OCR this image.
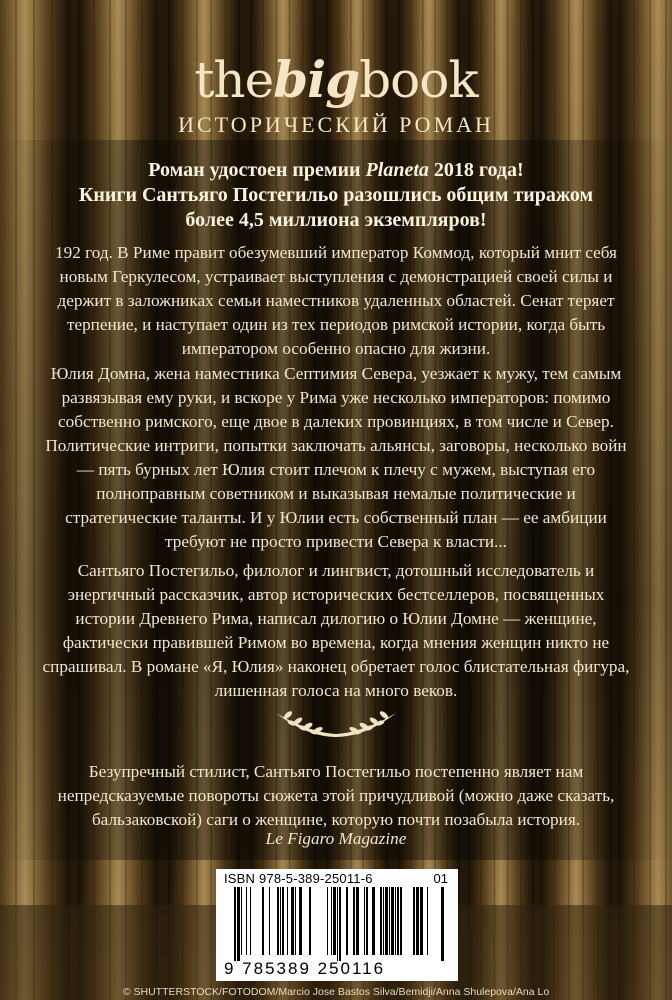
thebigbook
ИСТОРИЧЕСКИЙ РОМАН
Роман удостоен премии Planeta 2018 года!
Книги Сантьяго Постегильо разошлись общим тиражом
более 4,5 миллиона экземпляров!

192 год. В Риме правит обезумевший император Коммод, который мнит себя новым Геркулесом, устраивает выступления с демонстрацией своей силы и держит в заложниках семьи наместников удаленных областей. Сенат теряет терпение, и наступает один из тех периодов римской истории, когда быть императором особенно опасно для жизни.

Юлия Домна, жена наместника Септимия Севера, уезжает к мужу, тем самым развязывая ему руки, и вскоре у Рима уже несколько императоров: помимо собственно римского, еще двое в далеких провинциях, в том числе и Север. Политические интриги, попытки заключать альянсы, заговоры, несколько войн — пять бурных лет Юлия стоит плечом к плечу с мужем, выступая его полноправным советником и выказывая немалые политические и стратегические таланты. И у Юлии есть собственный план — ее амбиции требуют не просто привести Севера к власти...

Сантьяго Постегильо, филолог и лингвист, дотошный исследователь и энергичный рассказчик, автор исторических бестселлеров, посвященных истории Древнего Рима, написал дилогию о Юлии Домне — женщине, фактически правившей Римом во времена, когда мнения женщин никто не спрашивал. В романе «Я, Юлия» наконец обретает голос блистательная фигура, лишенная голоса на много веков.

Безупречный стилист, Сантьяго Постегильо постепенно являет нам непредсказуемые повороты сюжета этой причудливой (можно даже сказать, бальзаковской) саги о женщине, которую почти позабыла история.

Le Figaro Magazine
ISBN 978-5-389-25011-6	01
9 785389 250116
© SHUTTERSTOCK/FOTODOM/Marcio Jose Bastos Silva/Bemidji/Anna Shulepova/Ana Lo
